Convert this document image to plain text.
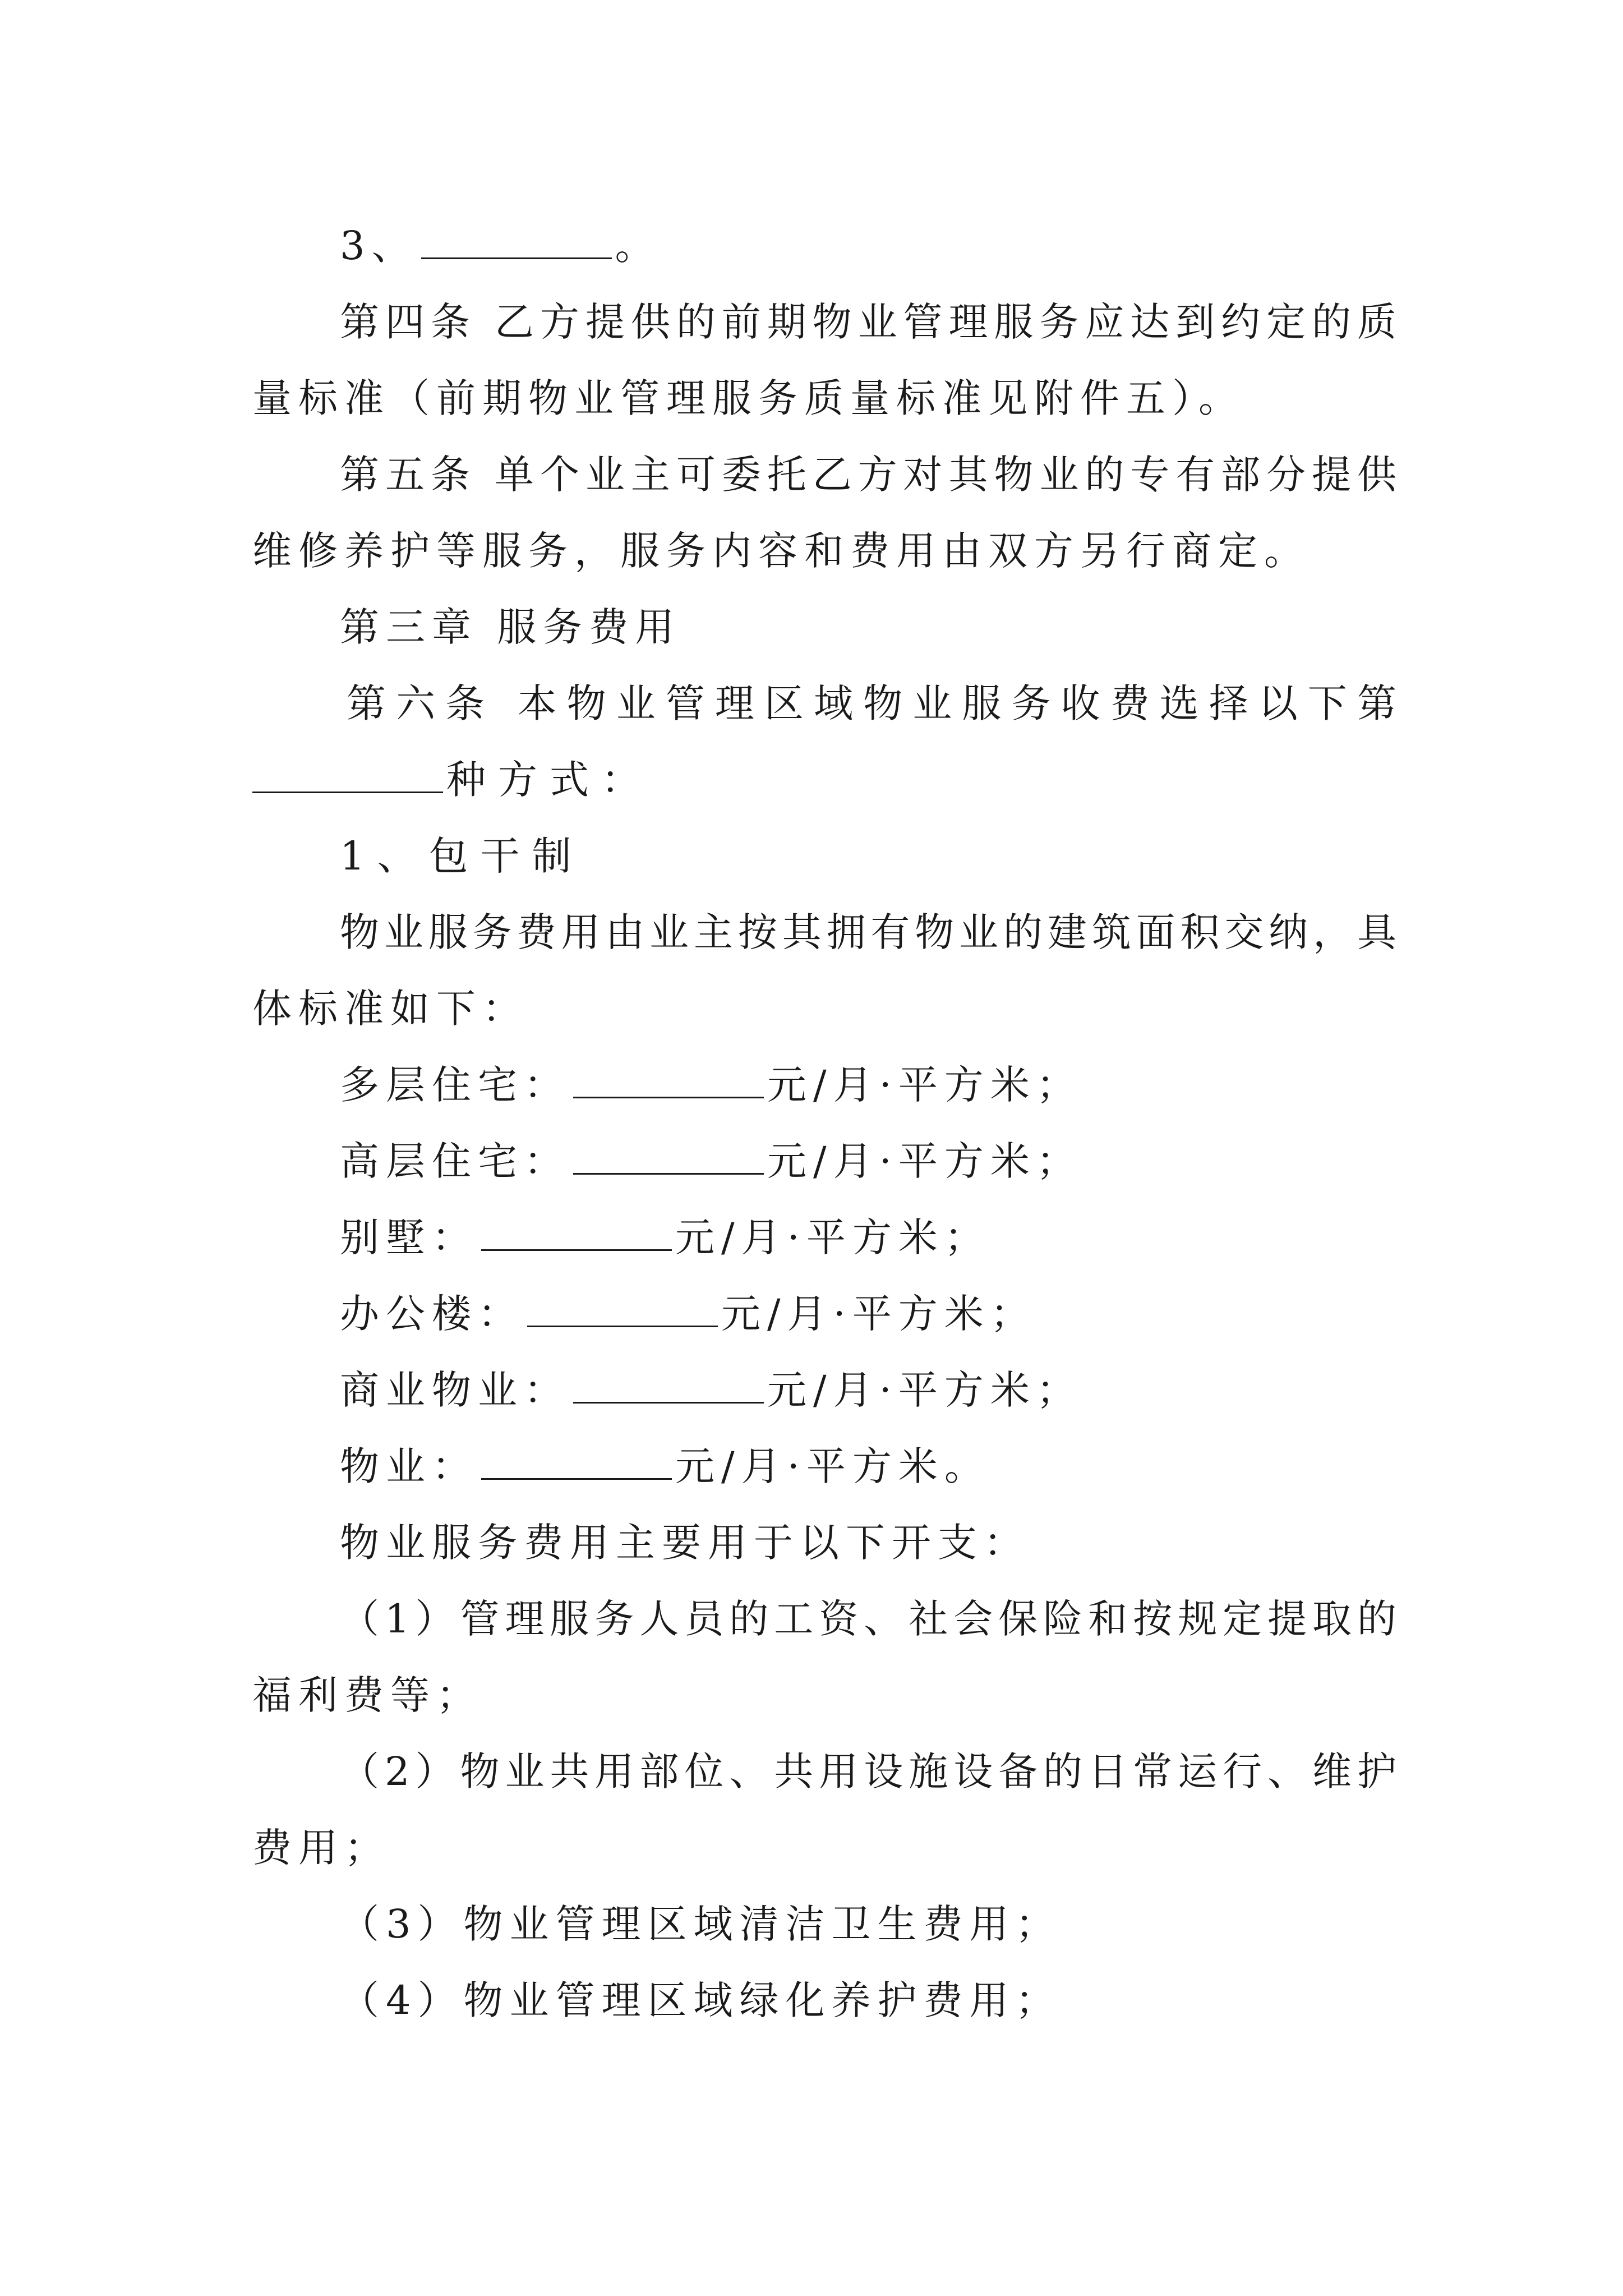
3、	。
第四条 乙方提供的前期物业管理服务应达到约定的质
量标准（前期物业管理服务质量标准见附件五）。
第五条 单个业主可委托乙方对其物业的专有部分提供
维修养护等服务，服务内容和费用由双方另行商定。
第三章 服务费用
第六条 本物业管理区域物业服务收费选择以下第
种方式：
1、包干制
物业服务费用由业主按其拥有物业的建筑面积交纳，具
体标准如下：
多层住宅：	元/月·平方米；
高层住宅：	元/月·平方米；
别墅：	元/月·平方米；
办公楼：	元/月·平方米；
商业物业：	元/月·平方米；
物业：	元/月·平方米。
物业服务费用主要用于以下开支：
（1）管理服务人员的工资、社会保险和按规定提取的
福利费等；
（2）物业共用部位、共用设施设备的日常运行、维护
费用；
（3）物业管理区域清洁卫生费用；
（4）物业管理区域绿化养护费用；
